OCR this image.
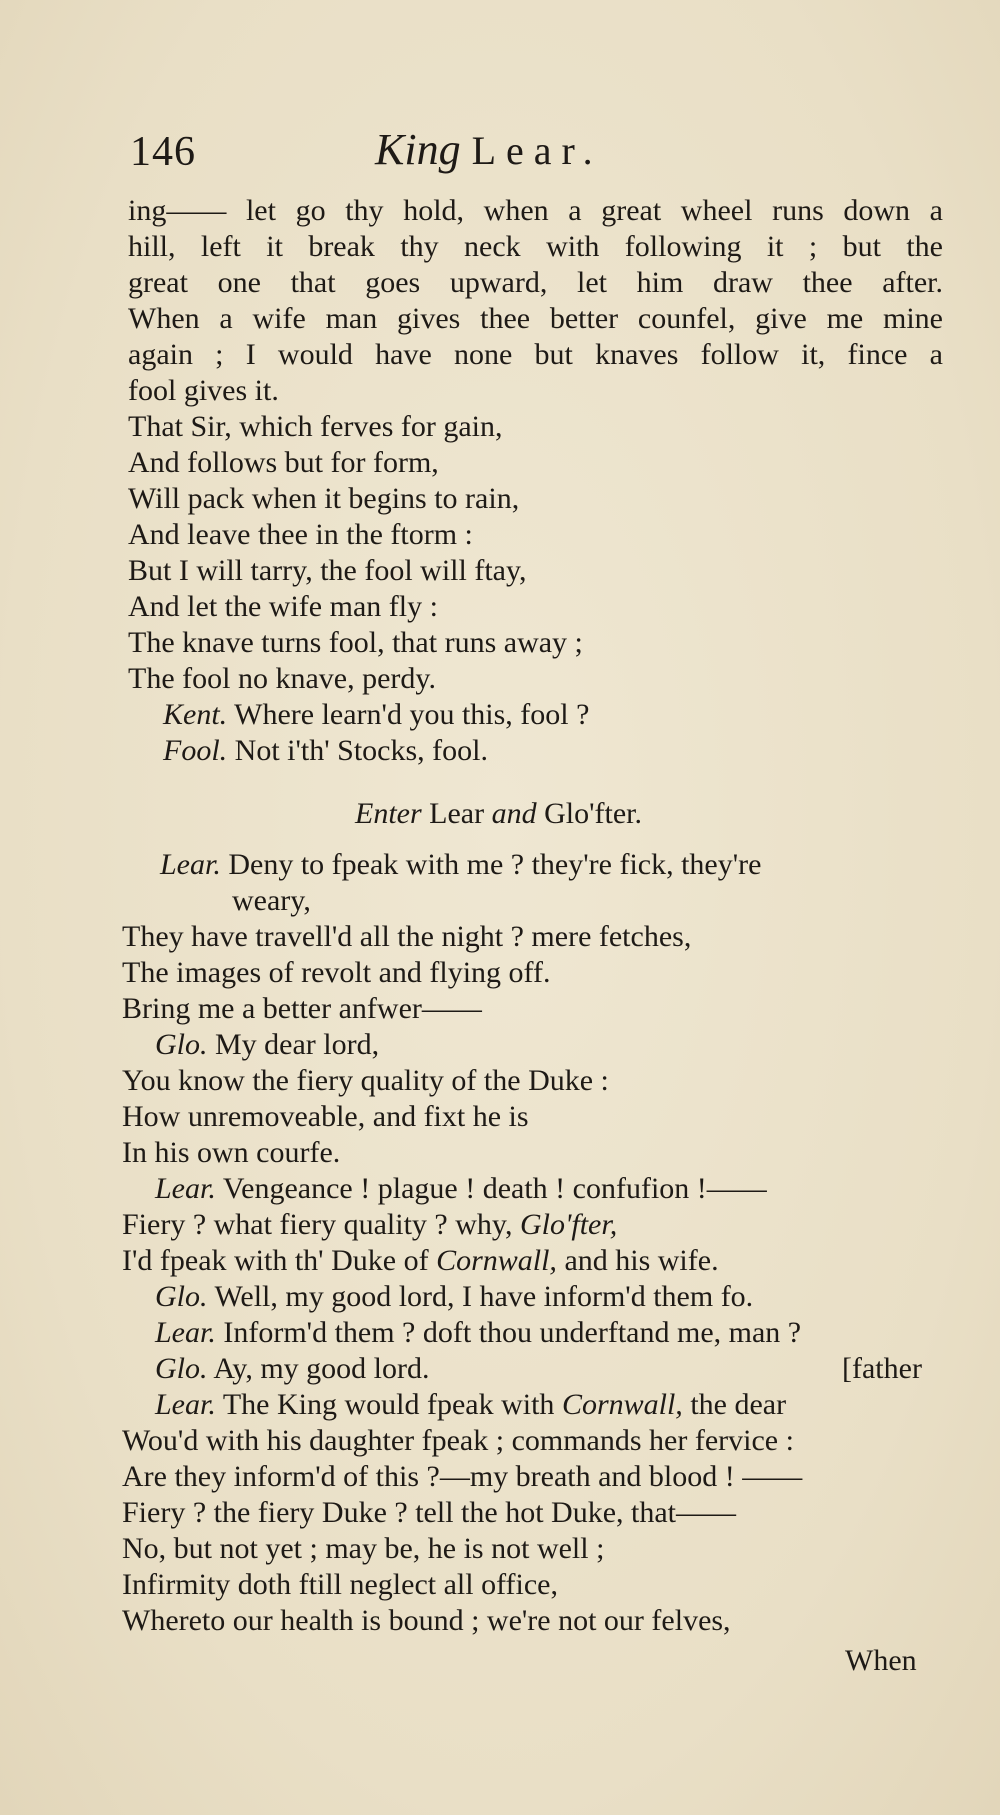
146	King Lear.
ing—— let go thy hold, when a great wheel runs down a
hill, left it break thy neck with following it ; but the
great one that goes upward, let him draw thee after.
When a wife man gives thee better counfel, give me mine
again ; I would have none but knaves follow it, fince a
fool gives it.
That Sir, which ferves for gain,
And follows but for form,
Will pack when it begins to rain,
And leave thee in the ftorm :
But I will tarry, the fool will ftay,
And let the wife man fly :
The knave turns fool, that runs away ;
The fool no knave, perdy.
Kent. Where learn'd you this, fool ?
Fool. Not i'th' Stocks, fool.
Enter Lear and Glo'fter.
Lear. Deny to fpeak with me ? they're fick, they're
weary,
They have travell'd all the night ? mere fetches,
The images of revolt and flying off.
Bring me a better anfwer——
Glo. My dear lord,
You know the fiery quality of the Duke :
How unremoveable, and fixt he is
In his own courfe.
Lear. Vengeance ! plague ! death ! confufion !——
Fiery ? what fiery quality ? why, Glo'fter,
I'd fpeak with th' Duke of Cornwall, and his wife.
Glo. Well, my good lord, I have inform'd them fo.
Lear. Inform'd them ? doft thou underftand me, man ?
Glo. Ay, my good lord.	[father
Lear. The King would fpeak with Cornwall, the dear
Wou'd with his daughter fpeak ; commands her fervice :
Are they inform'd of this ?—my breath and blood ! ——
Fiery ? the fiery Duke ? tell the hot Duke, that——
No, but not yet ; may be, he is not well ;
Infirmity doth ftill neglect all office,
Whereto our health is bound ; we're not our felves,
When
